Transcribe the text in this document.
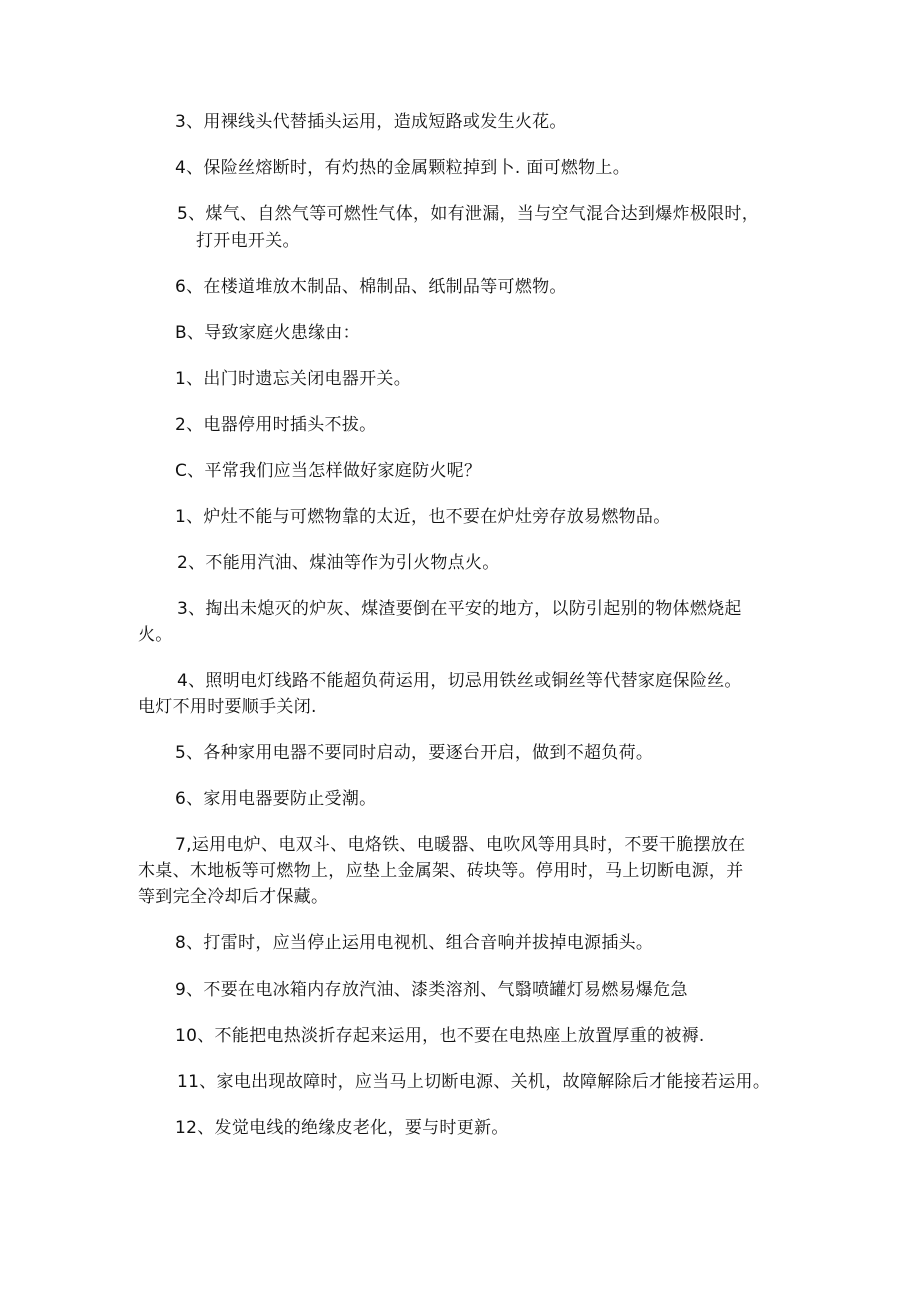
3、用裸线头代替插头运用，造成短路或发生火花。
4、保险丝熔断时，有灼热的金属颗粒掉到卜. 面可燃物上。
5、煤气、自然气等可燃性气体，如有泄漏，当与空气混合达到爆炸极限时，
打开电开关。
6、在楼道堆放木制品、棉制品、纸制品等可燃物。
B、导致家庭火患缘由：
1、出门时遗忘关闭电器开关。
2、电器停用时插头不拔。
C、平常我们应当怎样做好家庭防火呢？
1、炉灶不能与可燃物靠的太近，也不要在炉灶旁存放易燃物品。
2、不能用汽油、煤油等作为引火物点火。
3、掏出未熄灭的炉灰、煤渣要倒在平安的地方，以防引起别的物体燃烧起
火。
4、照明电灯线路不能超负荷运用，切忌用铁丝或铜丝等代替家庭保险丝。
电灯不用时要顺手关闭.
5、各种家用电器不要同时启动，要逐台开启，做到不超负荷。
6、家用电器要防止受潮。
7,运用电炉、电双斗、电烙铁、电暖器、电吹风等用具时，不要干脆摆放在
木桌、木地板等可燃物上，应垫上金属架、砖块等。停用时，马上切断电源，并
等到完全冷却后才保藏。
8、打雷时，应当停止运用电视机、组合音响并拔掉电源插头。
9、不要在电冰箱内存放汽油、漆类溶剂、气翳喷罐灯易燃易爆危急
10、不能把电热淡折存起来运用，也不要在电热座上放置厚重的被褥.
11、家电出现故障时，应当马上切断电源、关机，故障解除后才能接若运用。
12、发觉电线的绝缘皮老化，要与时更新。
